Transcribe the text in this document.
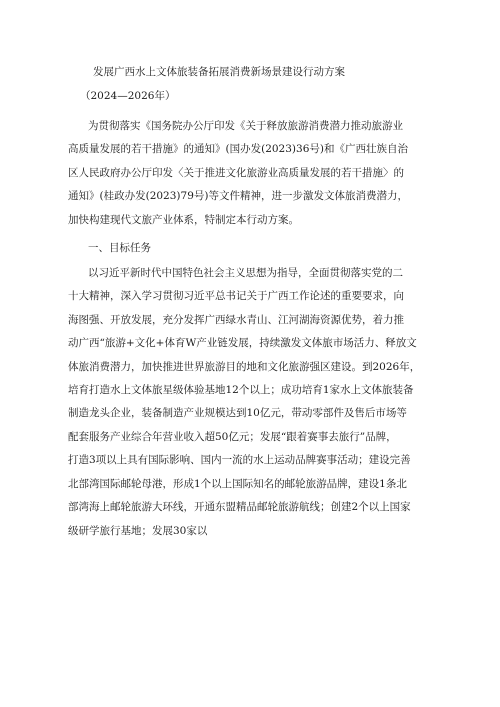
发展广西水上文体旅装备拓展消费新场景建设行动方案

（2024—2026年）

为贯彻落实《国务院办公厅印发《关于释放旅游消费潜力推动旅游业
高质量发展的若干措施》的通知》(国办发(2023)36号)和《广西壮族自治
区人民政府办公厅印发〈关于推进文化旅游业高质量发展的若干措施〉的
通知》(桂政办发(2023)79号)等文件精神，进一步激发文体旅消费潜力，
加快构建现代文旅产业体系，特制定本行动方案。

一、目标任务

以习近平新时代中国特色社会主义思想为指导，全面贯彻落实党的二
十大精神，深入学习贯彻习近平总书记关于广西工作论述的重要要求，向
海图强、开放发展，充分发挥广西绿水青山、江河湖海资源优势，着力推
动广西“旅游+文化+体育W产业链发展，持续激发文体旅市场活力、释放文
体旅消费潜力，加快推进世界旅游目的地和文化旅游强区建设。到2026年，
培育打造水上文体旅星级体验基地12个以上；成功培育1家水上文体旅装备
制造龙头企业，装备制造产业规模达到10亿元，带动零部件及售后市场等
配套服务产业综合年营业收入超50亿元；发展“跟着赛事去旅行”品牌，
打造3项以上具有国际影响、国内一流的水上运动品牌赛事活动；建设完善
北部湾国际邮轮母港，形成1个以上国际知名的邮轮旅游品牌，建设1条北
部湾海上邮轮旅游大环线，开通东盟精品邮轮旅游航线；创建2个以上国家
级研学旅行基地；发展30家以
